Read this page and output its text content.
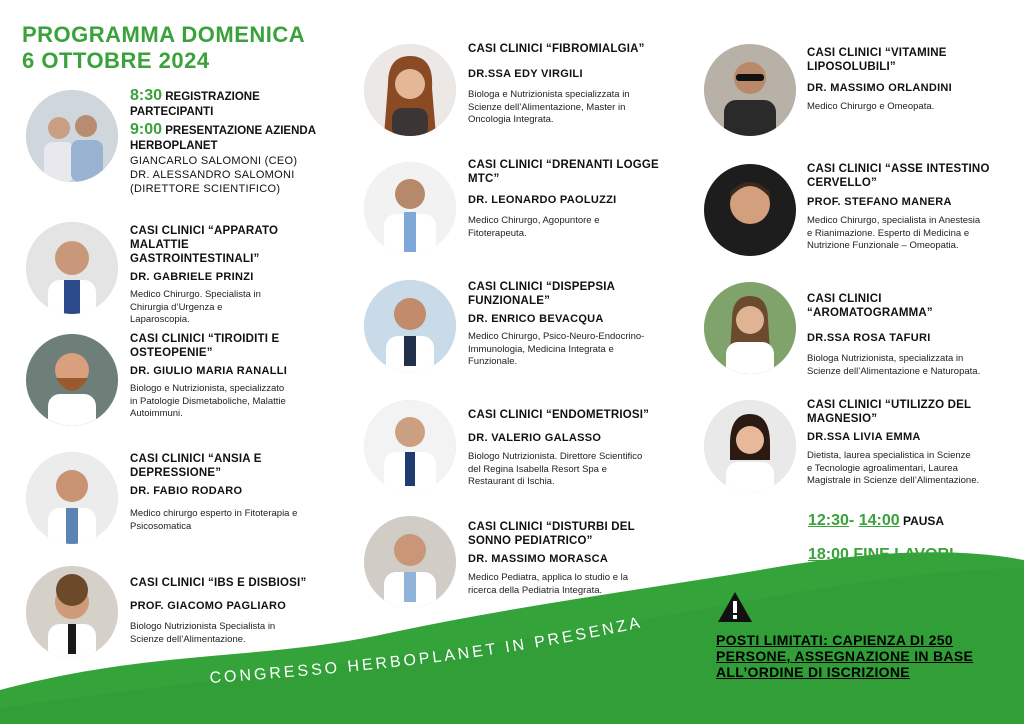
CONGRESSO HERBOPLANET IN PRESENZA
PROGRAMMA DOMENICA
6 OTTOBRE 2024
8:30 REGISTRAZIONE
PARTECIPANTI
9:00 PRESENTAZIONE AZIENDA
HERBOPLANET
GIANCARLO SALOMONI (CEO)
DR. ALESSANDRO SALOMONI
(DIRETTORE SCIENTIFICO)
CASI CLINICI “APPARATO
MALATTIE GASTROINTESTINALI”
DR. GABRIELE PRINZI
Medico Chirurgo. Specialista in
Chirurgia d’Urgenza e
Laparoscopia.
CASI CLINICI “TIROIDITI E
OSTEOPENIE”
DR. GIULIO MARIA RANALLI
Biologo e Nutrizionista, specializzato
in Patologie Dismetaboliche, Malattie
Autoimmuni.
CASI CLINICI “ANSIA E
DEPRESSIONE”
DR. FABIO RODARO
Medico chirurgo esperto in Fitoterapia e
Psicosomatica
CASI CLINICI “IBS E DISBIOSI”
PROF. GIACOMO PAGLIARO
Biologo Nutrizionista Specialista in
Scienze dell’Alimentazione.
CASI CLINICI “FIBROMIALGIA”
DR.SSA EDY VIRGILI
Biologa e Nutrizionista specializzata in
Scienze dell’Alimentazione, Master in
Oncologia Integrata.
CASI CLINICI “DRENANTI LOGGE
MTC”
DR. LEONARDO PAOLUZZI
Medico Chirurgo, Agopuntore e
Fitoterapeuta.
CASI CLINICI “DISPEPSIA
FUNZIONALE”
DR. ENRICO BEVACQUA
Medico Chirurgo, Psico-Neuro-Endocrino-
Immunologia, Medicina Integrata e
Funzionale.
CASI CLINICI “ENDOMETRIOSI”
DR. VALERIO GALASSO
Biologo Nutrizionista. Direttore Scientifico
del Regina Isabella Resort Spa e
Restaurant di Ischia.
CASI CLINICI “DISTURBI DEL
SONNO PEDIATRICO”
DR. MASSIMO MORASCA
Medico Pediatra, applica lo studio e la
ricerca della Pediatria Integrata.
CASI CLINICI “VITAMINE
LIPOSOLUBILI”
DR. MASSIMO ORLANDINI
Medico Chirurgo e Omeopata.
CASI CLINICI “ASSE INTESTINO
CERVELLO”
PROF. STEFANO MANERA
Medico Chirurgo, specialista in Anestesia
e Rianimazione. Esperto di Medicina e
Nutrizione Funzionale – Omeopatia.
CASI CLINICI “AROMATOGRAMMA”
DR.SSA ROSA TAFURI
Biologa Nutrizionista, specializzata in
Scienze dell’Alimentazione e Naturopata.
CASI CLINICI “UTILIZZO DEL
MAGNESIO”
DR.SSA LIVIA EMMA
Dietista, laurea specialistica in Scienze
e Tecnologie agroalimentari, Laurea
Magistrale in Scienze dell’Alimentazione.
12:30- 14:00 PAUSA
18:00 FINE LAVORI
POSTI LIMITATI: CAPIENZA DI 250
PERSONE, ASSEGNAZIONE IN BASE
ALL’ORDINE DI ISCRIZIONE
